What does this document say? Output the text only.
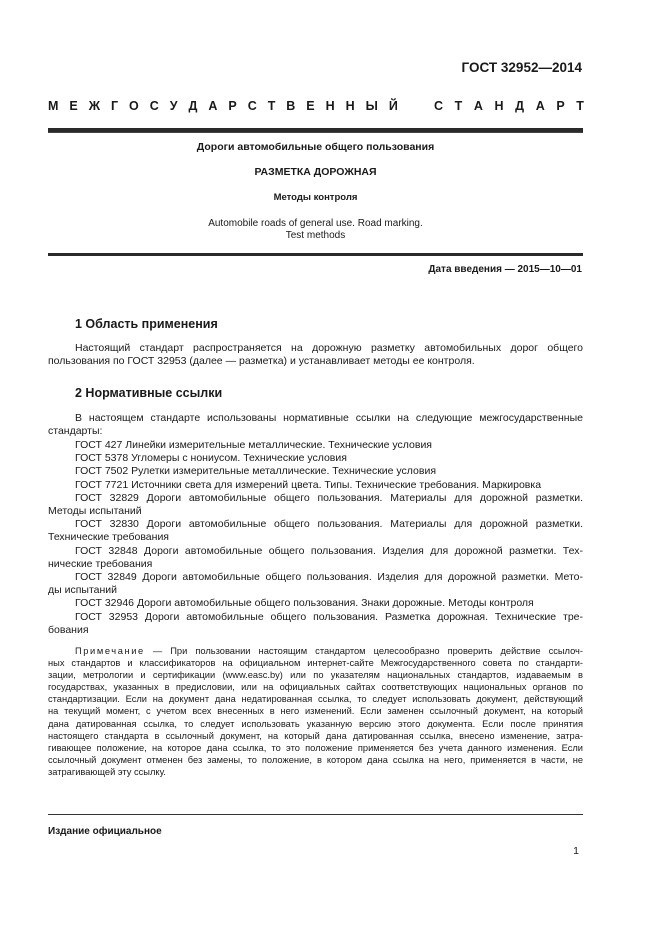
ГОСТ 32952—2014
М Е Ж Г О С У Д А Р С Т В Е Н Н Ы Й	С Т А Н Д А Р Т
Дороги автомобильные общего пользования
РАЗМЕТКА ДОРОЖНАЯ
Методы контроля
Automobile roads of general use. Road marking.
Test methods
Дата введения — 2015—10—01
1 Область применения
Настоящий стандарт распространяется на дорожную разметку автомобильных дорог общего
пользования по ГОСТ 32953 (далее — разметка) и устанавливает методы ее контроля.
2 Нормативные ссылки
В настоящем стандарте использованы нормативные ссылки на следующие межгосударственные
стандарты:
ГОСТ 427 Линейки измерительные металлические. Технические условия
ГОСТ 5378 Угломеры с нониусом. Технические условия
ГОСТ 7502 Рулетки измерительные металлические. Технические условия
ГОСТ 7721 Источники света для измерений цвета. Типы. Технические требования. Маркировка
ГОСТ 32829 Дороги автомобильные общего пользования. Материалы для дорожной разметки.
Методы испытаний
ГОСТ 32830 Дороги автомобильные общего пользования. Материалы для дорожной разметки.
Технические требования
ГОСТ 32848 Дороги автомобильные общего пользования. Изделия для дорожной разметки. Тех-
нические требования
ГОСТ 32849 Дороги автомобильные общего пользования. Изделия для дорожной разметки. Мето-
ды испытаний
ГОСТ 32946 Дороги автомобильные общего пользования. Знаки дорожные. Методы контроля
ГОСТ 32953 Дороги автомобильные общего пользования. Разметка дорожная. Технические тре-
бования
Примечание — При пользовании настоящим стандартом целесообразно проверить действие ссылоч-
ных стандартов и классификаторов на официальном интернет-сайте Межгосударственного совета по стандарти-
зации, метрологии и сертификации (www.easc.by) или по указателям национальных стандартов, издаваемым в
государствах, указанных в предисловии, или на официальных сайтах соответствующих национальных органов по
стандартизации. Если на документ дана недатированная ссылка, то следует использовать документ, действующий
на текущий момент, с учетом всех внесенных в него изменений. Если заменен ссылочный документ, на который
дана датированная ссылка, то следует использовать указанную версию этого документа. Если после принятия
настоящего стандарта в ссылочный документ, на который дана датированная ссылка, внесено изменение, затра-
гивающее положение, на которое дана ссылка, то это положение применяется без учета данного изменения. Если
ссылочный документ отменен без замены, то положение, в котором дана ссылка на него, применяется в части, не
затрагивающей эту ссылку.
Издание официальное
1
